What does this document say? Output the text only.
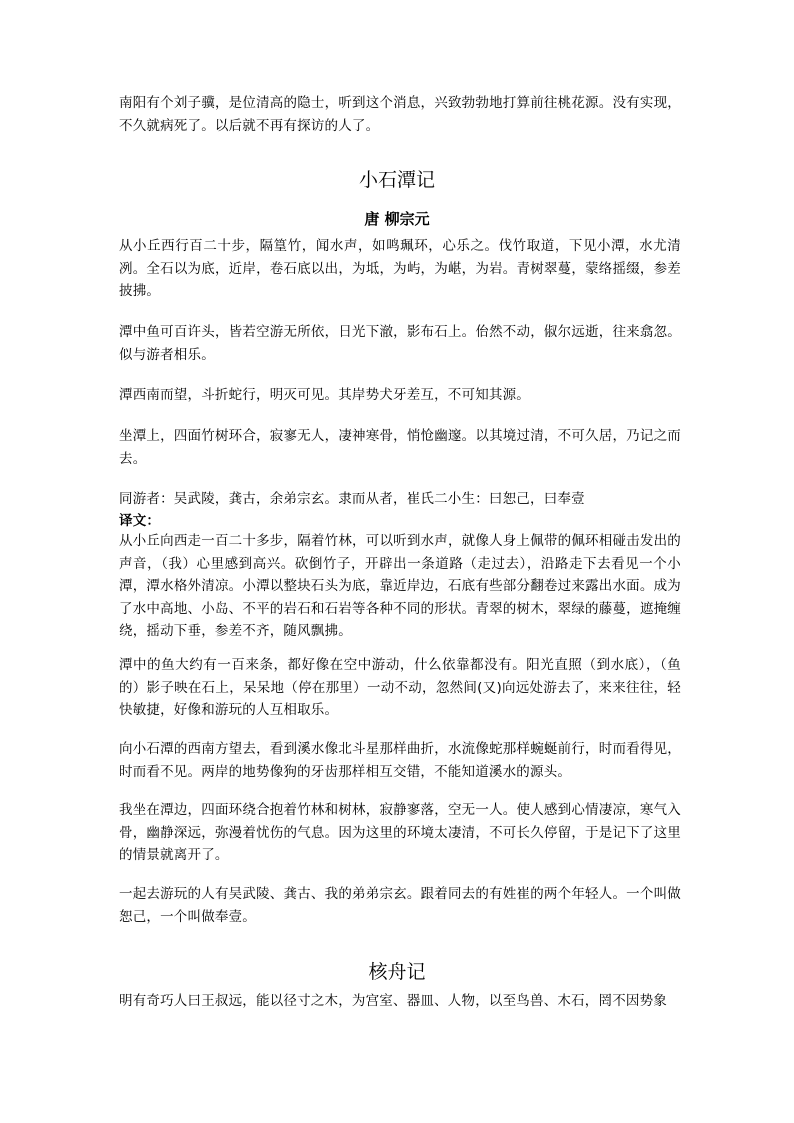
南阳有个刘子骥，是位清高的隐士，听到这个消息，兴致勃勃地打算前往桃花源。没有实现，不久就病死了。以后就不再有探访的人了。

小石潭记
唐 柳宗元

从小丘西行百二十步，隔篁竹，闻水声，如鸣珮环，心乐之。伐竹取道，下见小潭，水尤清冽。全石以为底，近岸，卷石底以出，为坻，为屿，为嵁，为岩。青树翠蔓，蒙络摇缀，参差披拂。

潭中鱼可百许头，皆若空游无所依，日光下澈，影布石上。佁然不动，俶尔远逝，往来翕忽。似与游者相乐。

潭西南而望，斗折蛇行，明灭可见。其岸势犬牙差互，不可知其源。

坐潭上，四面竹树环合，寂寥无人，凄神寒骨，悄怆幽邃。以其境过清，不可久居，乃记之而去。

同游者：吴武陵，龚古，余弟宗玄。隶而从者，崔氏二小生：曰恕己，曰奉壹

译文：

从小丘向西走一百二十多步，隔着竹林，可以听到水声，就像人身上佩带的佩环相碰击发出的声音，（我）心里感到高兴。砍倒竹子，开辟出一条道路（走过去），沿路走下去看见一个小潭，潭水格外清凉。小潭以整块石头为底，靠近岸边，石底有些部分翻卷过来露出水面。成为了水中高地、小岛、不平的岩石和石岩等各种不同的形状。青翠的树木，翠绿的藤蔓，遮掩缠绕，摇动下垂，参差不齐，随风飘拂。

潭中的鱼大约有一百来条，都好像在空中游动，什么依靠都没有。阳光直照（到水底），（鱼的）影子映在石上，呆呆地（停在那里）一动不动，忽然间(又)向远处游去了，来来往往，轻快敏捷，好像和游玩的人互相取乐。

向小石潭的西南方望去，看到溪水像北斗星那样曲折，水流像蛇那样蜿蜒前行，时而看得见，时而看不见。两岸的地势像狗的牙齿那样相互交错，不能知道溪水的源头。

我坐在潭边，四面环绕合抱着竹林和树林，寂静寥落，空无一人。使人感到心情凄凉，寒气入骨，幽静深远，弥漫着忧伤的气息。因为这里的环境太凄清，不可长久停留，于是记下了这里的情景就离开了。

一起去游玩的人有吴武陵、龚古、我的弟弟宗玄。跟着同去的有姓崔的两个年轻人。一个叫做恕己，一个叫做奉壹。

核舟记

明有奇巧人曰王叔远，能以径寸之木，为宫室、器皿、人物，以至鸟兽、木石，罔不因势象
